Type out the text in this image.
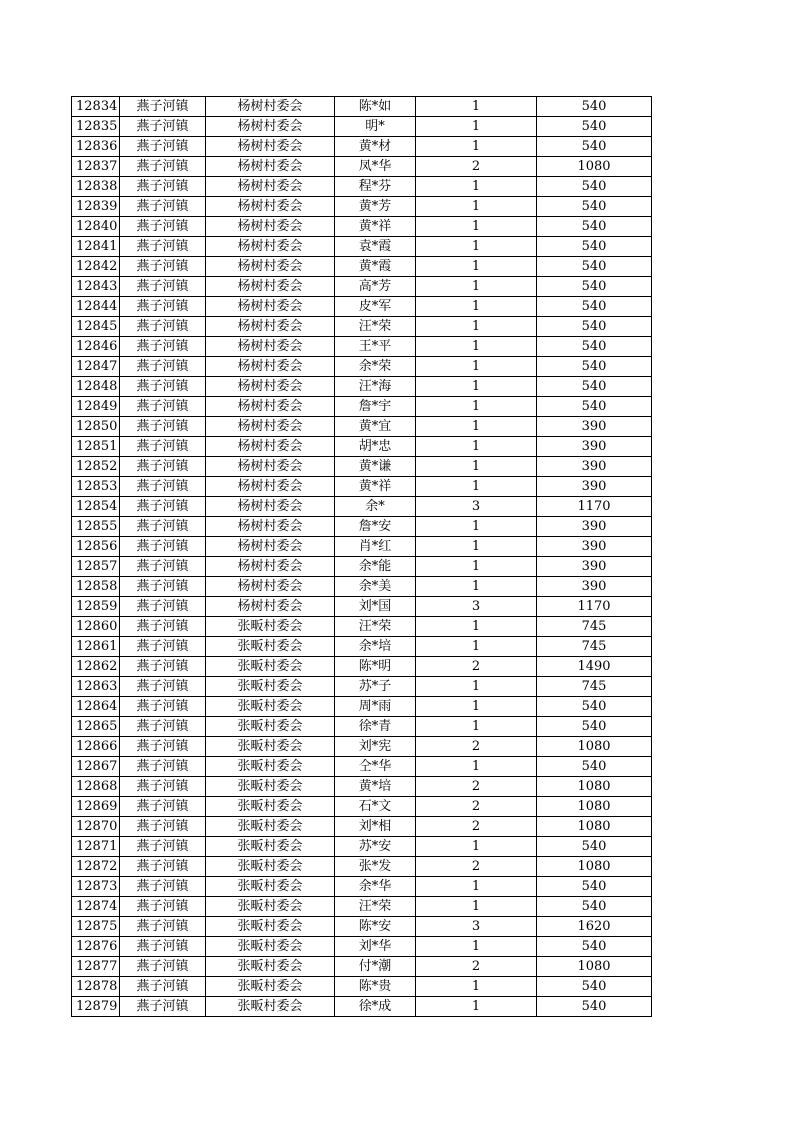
12834	燕子河镇	杨树村委会	陈*如	1	540
12835	燕子河镇	杨树村委会	明*	1	540
12836	燕子河镇	杨树村委会	黄*材	1	540
12837	燕子河镇	杨树村委会	凤*华	2	1080
12838	燕子河镇	杨树村委会	程*芬	1	540
12839	燕子河镇	杨树村委会	黄*芳	1	540
12840	燕子河镇	杨树村委会	黄*祥	1	540
12841	燕子河镇	杨树村委会	袁*霞	1	540
12842	燕子河镇	杨树村委会	黄*霞	1	540
12843	燕子河镇	杨树村委会	高*芳	1	540
12844	燕子河镇	杨树村委会	皮*军	1	540
12845	燕子河镇	杨树村委会	汪*荣	1	540
12846	燕子河镇	杨树村委会	王*平	1	540
12847	燕子河镇	杨树村委会	余*荣	1	540
12848	燕子河镇	杨树村委会	汪*海	1	540
12849	燕子河镇	杨树村委会	詹*宇	1	540
12850	燕子河镇	杨树村委会	黄*宜	1	390
12851	燕子河镇	杨树村委会	胡*忠	1	390
12852	燕子河镇	杨树村委会	黄*谦	1	390
12853	燕子河镇	杨树村委会	黄*祥	1	390
12854	燕子河镇	杨树村委会	余*	3	1170
12855	燕子河镇	杨树村委会	詹*安	1	390
12856	燕子河镇	杨树村委会	肖*红	1	390
12857	燕子河镇	杨树村委会	余*能	1	390
12858	燕子河镇	杨树村委会	余*美	1	390
12859	燕子河镇	杨树村委会	刘*国	3	1170
12860	燕子河镇	张畈村委会	汪*荣	1	745
12861	燕子河镇	张畈村委会	余*培	1	745
12862	燕子河镇	张畈村委会	陈*明	2	1490
12863	燕子河镇	张畈村委会	苏*子	1	745
12864	燕子河镇	张畈村委会	周*雨	1	540
12865	燕子河镇	张畈村委会	徐*青	1	540
12866	燕子河镇	张畈村委会	刘*宪	2	1080
12867	燕子河镇	张畈村委会	仝*华	1	540
12868	燕子河镇	张畈村委会	黄*培	2	1080
12869	燕子河镇	张畈村委会	石*文	2	1080
12870	燕子河镇	张畈村委会	刘*相	2	1080
12871	燕子河镇	张畈村委会	苏*安	1	540
12872	燕子河镇	张畈村委会	张*发	2	1080
12873	燕子河镇	张畈村委会	余*华	1	540
12874	燕子河镇	张畈村委会	汪*荣	1	540
12875	燕子河镇	张畈村委会	陈*安	3	1620
12876	燕子河镇	张畈村委会	刘*华	1	540
12877	燕子河镇	张畈村委会	付*潮	2	1080
12878	燕子河镇	张畈村委会	陈*贵	1	540
12879	燕子河镇	张畈村委会	徐*成	1	540
